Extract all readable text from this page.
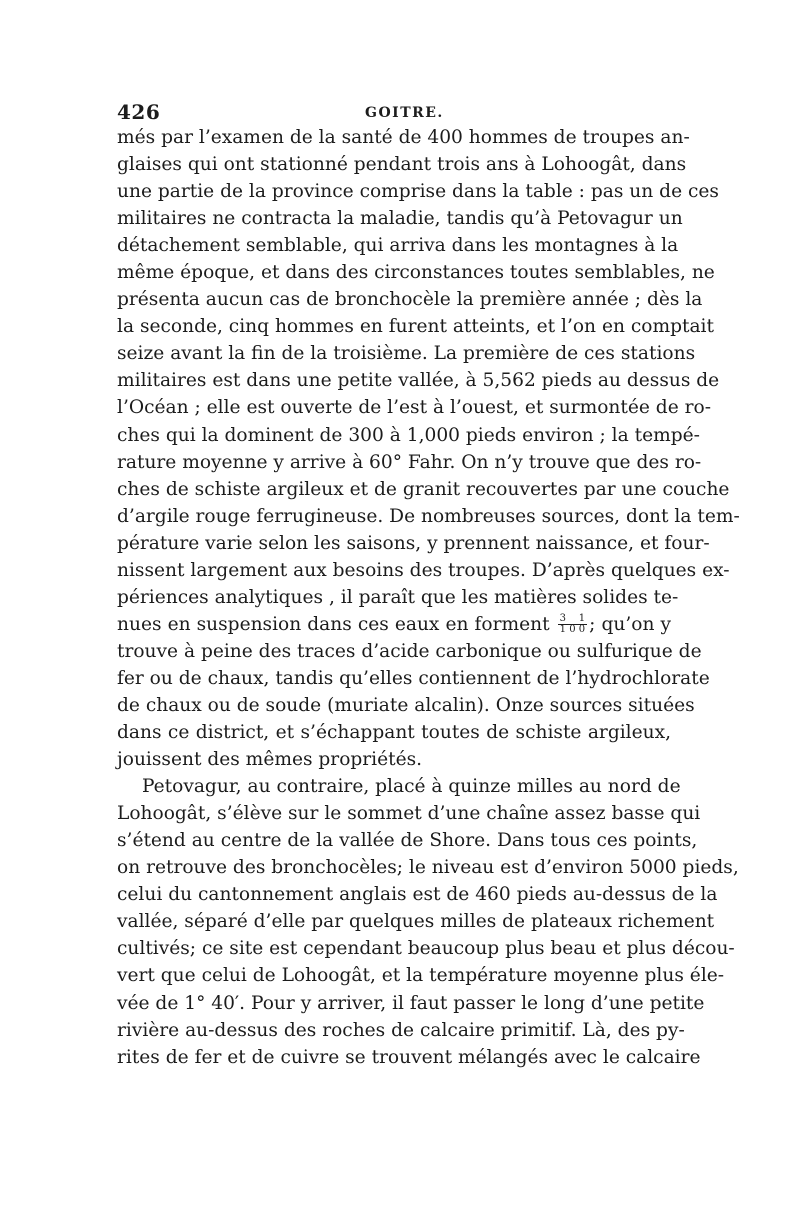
426	GOITRE.
més par l’examen de la santé de 400 hommes de troupes an-
glaises qui ont stationné pendant trois ans à Lohoogât, dans
une partie de la province comprise dans la table : pas un de ces
militaires ne contracta la maladie, tandis qu’à Petovagur un
détachement semblable, qui arriva dans les montagnes à la
même époque, et dans des circonstances toutes semblables, ne
présenta aucun cas de bronchocèle la première année ; dès la
la seconde, cinq hommes en furent atteints, et l’on en comptait
seize avant la fin de la troisième. La première de ces stations
militaires est dans une petite vallée, à 5,562 pieds au dessus de
l’Océan ; elle est ouverte de l’est à l’ouest, et surmontée de ro-
ches qui la dominent de 300 à 1,000 pieds environ ; la tempé-
rature moyenne y arrive à 60° Fahr. On n’y trouve que des ro-
ches de schiste argileux et de granit recouvertes par une couche
d’argile rouge ferrugineuse. De nombreuses sources, dont la tem-
pérature varie selon les saisons, y prennent naissance, et four-
nissent largement aux besoins des troupes. D’après quelques ex-
périences analytiques , il paraît que les matières solides te-
nues en suspension dans ces eaux en forment $\frac{3 1}{1 0 0}$ ; qu’on y
trouve à peine des traces d’acide carbonique ou sulfurique de
fer ou de chaux, tandis qu’elles contiennent de l’hydrochlorate
de chaux ou de soude (muriate alcalin). Onze sources situées
dans ce district, et s’échappant toutes de schiste argileux,
jouissent des mêmes propriétés.
Petovagur, au contraire, placé à quinze milles au nord de
Lohoogât, s’élève sur le sommet d’une chaîne assez basse qui
s’étend au centre de la vallée de Shore. Dans tous ces points,
on retrouve des bronchocèles; le niveau est d’environ 5000 pieds,
celui du cantonnement anglais est de 460 pieds au-dessus de la
vallée, séparé d’elle par quelques milles de plateaux richement
cultivés; ce site est cependant beaucoup plus beau et plus décou-
vert que celui de Lohoogât, et la température moyenne plus éle-
vée de 1° 40′. Pour y arriver, il faut passer le long d’une petite
rivière au-dessus des roches de calcaire primitif. Là, des py-
rites de fer et de cuivre se trouvent mélangés avec le calcaire
